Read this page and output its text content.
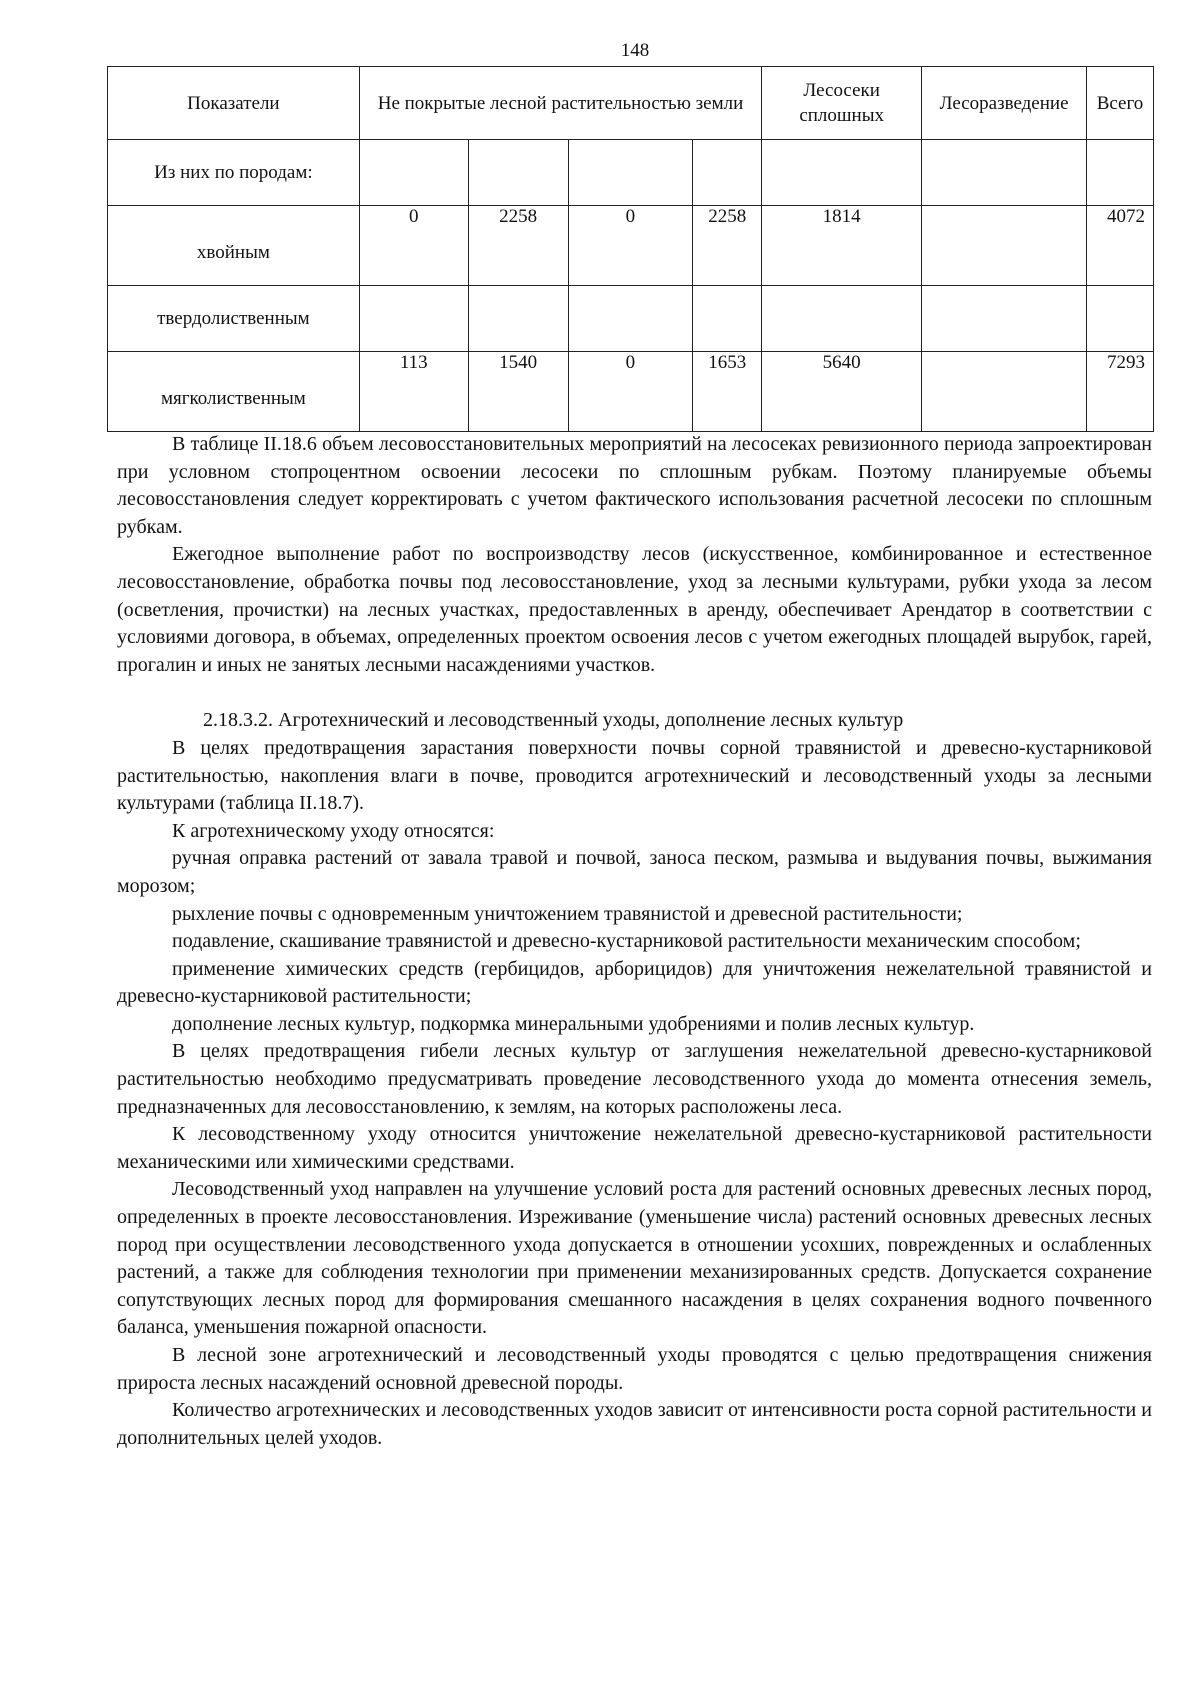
148
Показатели	Не покрытые лесной растительностью земли				Лесосеки сплошных	Лесоразведение	Всего
Из них по породам:							
хвойным	0	2258	0	2258	1814		4072
твердолиственным							
мягколиственным	113	1540	0	1653	5640		7293

В таблице II.18.6 объем лесовосстановительных мероприятий на лесосеках ревизионного периода запроектирован при условном стопроцентном освоении лесосеки по сплошным рубкам. Поэтому планируемые объемы лесовосстановления следует корректировать с учетом фактического использования расчетной лесосеки по сплошным рубкам.

Ежегодное выполнение работ по воспроизводству лесов (искусственное, комбинированное и естественное лесовосстановление, обработка почвы под лесовосстановление, уход за лесными культурами, рубки ухода за лесом (осветления, прочистки) на лесных участках, предоставленных в аренду, обеспечивает Арендатор в соответствии с условиями договора, в объемах, определенных проектом освоения лесов с учетом ежегодных площадей вырубок, гарей, прогалин и иных не занятых лесными насаждениями участков.

2.18.3.2. Агротехнический и лесоводственный уходы, дополнение лесных культур

В целях предотвращения зарастания поверхности почвы сорной травянистой и древесно-кустарниковой растительностью, накопления влаги в почве, проводится агротехнический и лесоводственный уходы за лесными культурами (таблица II.18.7).

К агротехническому уходу относятся:

ручная оправка растений от завала травой и почвой, заноса песком, размыва и выдувания почвы, выжимания морозом;

рыхление почвы с одновременным уничтожением травянистой и древесной растительности;

подавление, скашивание травянистой и древесно-кустарниковой растительности механическим способом;

применение химических средств (гербицидов, арборицидов) для уничтожения нежелательной травянистой и древесно-кустарниковой растительности;

дополнение лесных культур, подкормка минеральными удобрениями и полив лесных культур.

В целях предотвращения гибели лесных культур от заглушения нежелательной древесно-кустарниковой растительностью необходимо предусматривать проведение лесоводственного ухода до момента отнесения земель, предназначенных для лесовосстановлению, к землям, на которых расположены леса.

К лесоводственному уходу относится уничтожение нежелательной древесно-кустарниковой растительности механическими или химическими средствами.

Лесоводственный уход направлен на улучшение условий роста для растений основных древесных лесных пород, определенных в проекте лесовосстановления. Изреживание (уменьшение числа) растений основных древесных лесных пород при осуществлении лесоводственного ухода допускается в отношении усохших, поврежденных и ослабленных растений, а также для соблюдения технологии при применении механизированных средств. Допускается сохранение сопутствующих лесных пород для формирования смешанного насаждения в целях сохранения водного почвенного баланса, уменьшения пожарной опасности.

В лесной зоне агротехнический и лесоводственный уходы проводятся с целью предотвращения снижения прироста лесных насаждений основной древесной породы.

Количество агротехнических и лесоводственных уходов зависит от интенсивности роста сорной растительности и дополнительных целей уходов.
